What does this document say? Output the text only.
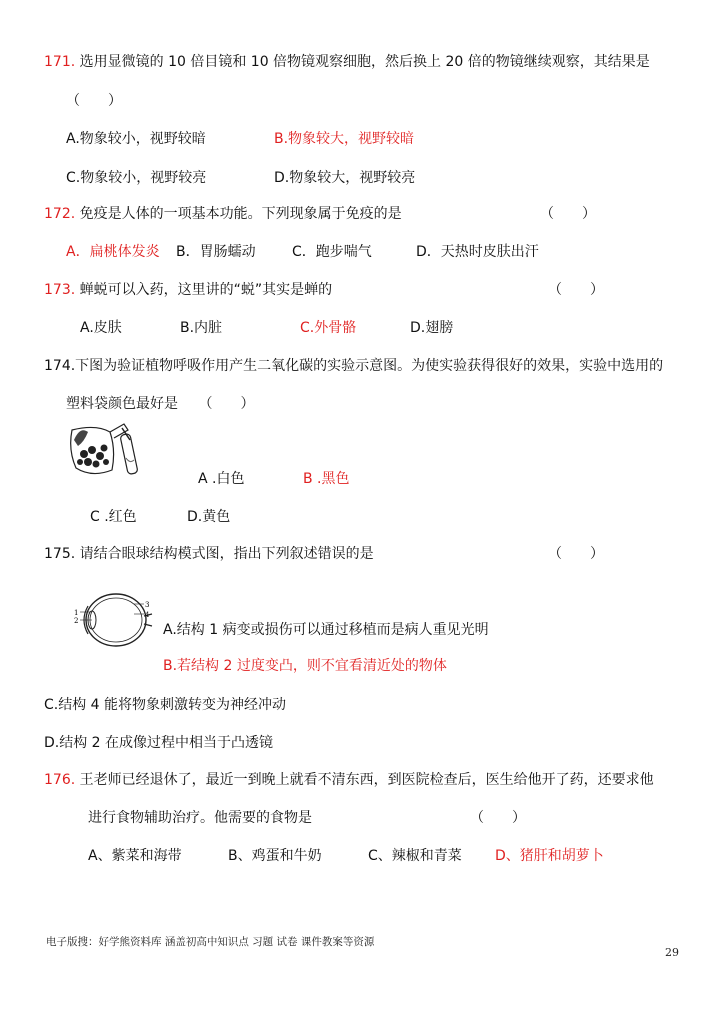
171. 选用显微镜的 10 倍目镜和 10 倍物镜观察细胞，然后换上 20 倍的物镜继续观察，其结果是
（　　）
A.物象较小，视野较暗	B.物象较大，视野较暗
C.物象较小，视野较亮	D.物象较大，视野较亮
172. 免疫是人体的一项基本功能。下列现象属于免疫的是	（　　）
A．扁桃体发炎 B．胃肠蠕动	C．跑步喘气	D．天热时皮肤出汗
173. 蝉蜕可以入药，这里讲的“蜕”其实是蝉的	（　　）
A.皮肤	B.内脏	C.外骨骼	D.翅膀
174.下图为验证植物呼吸作用产生二氧化碳的实验示意图。为使实验获得很好的效果，实验中选用的
塑料袋颜色最好是 （　　）
A .白色	B .黑色
C .红色	D.黄色
175. 请结合眼球结构模式图，指出下列叙述错误的是	（　　）
1
2
3
4
A.结构 1 病变或损伤可以通过移植而是病人重见光明
B.若结构 2 过度变凸，则不宜看清近处的物体
C.结构 4 能将物象刺激转变为神经冲动
D.结构 2 在成像过程中相当于凸透镜
176. 王老师已经退休了，最近一到晚上就看不清东西，到医院检查后，医生给他开了药，还要求他
进行食物辅助治疗。他需要的食物是	（　　）
A、紫菜和海带	B、鸡蛋和牛奶	C、辣椒和青菜 D、猪肝和胡萝卜
电子版搜：好学熊资料库 涵盖初高中知识点 习题 试卷 课件教案等资源
29
